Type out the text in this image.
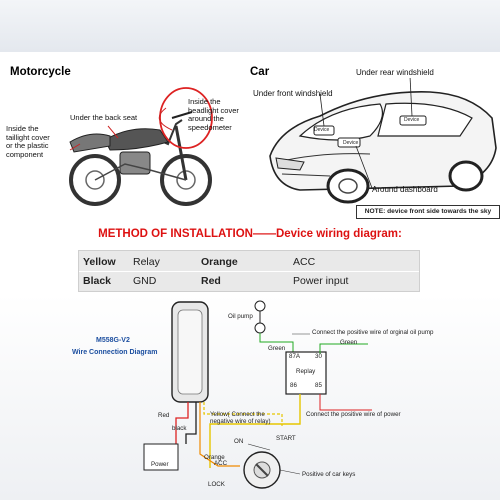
Motorcycle
Under the back seat
Inside the
headlight cover
around the
speedometer
Inside the
taillight cover
or the plastic
component
Car	Under rear windshield
Under front windshield
Device
Device
Device
Around dashboard
NOTE: device front side towards the sky
METHOD OF INSTALLATION——Device wiring diagram:
Yellow Relay	Orange	ACC
Black GND	Red	Power input
M558G-V2
Wire Connection Diagram
Oil pump
Connect the positive wire of orginal oil pump
Green
Green
87A 30
Replay
86	85
Connect the positive wire of power
Red
black
Yellow( Connect the
negative wire of relay)
Orange
Power
ON	START
ACC
LOCK
Positive of car keys
